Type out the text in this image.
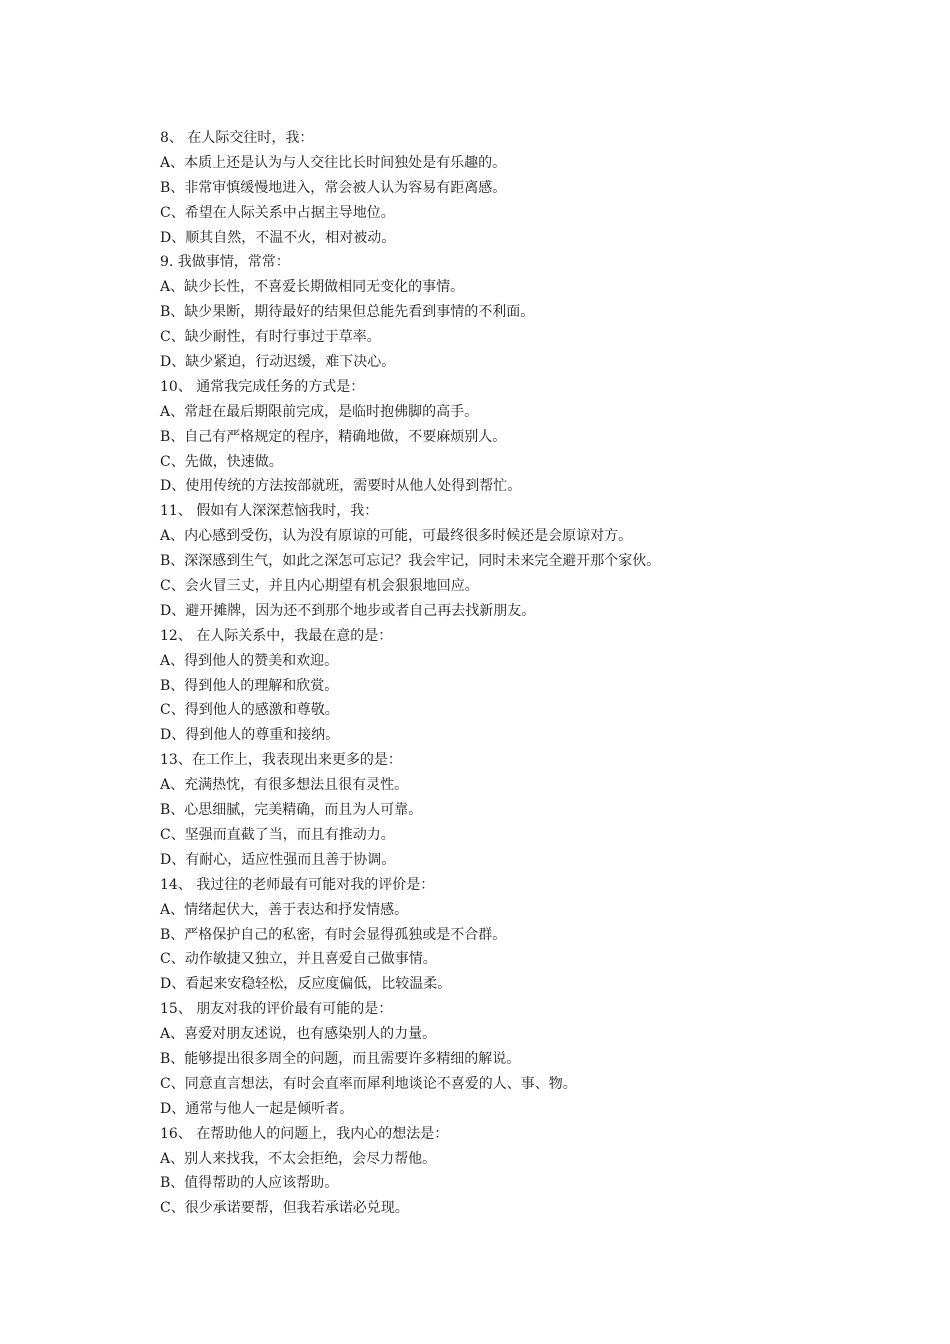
8、 在人际交往时，我：
A、本质上还是认为与人交往比长时间独处是有乐趣的。
B、非常审慎缓慢地进入，常会被人认为容易有距离感。
C、希望在人际关系中占据主导地位。
D、顺其自然，不温不火，相对被动。
9. 我做事情，常常：
A、缺少长性，不喜爱长期做相同无变化的事情。
B、缺少果断，期待最好的结果但总能先看到事情的不利面。
C、缺少耐性，有时行事过于草率。
D、缺少紧迫，行动迟缓，难下决心。
10、 通常我完成任务的方式是：
A、常赶在最后期限前完成，是临时抱佛脚的高手。
B、自己有严格规定的程序，精确地做，不要麻烦别人。
C、先做，快速做。
D、使用传统的方法按部就班，需要时从他人处得到帮忙。
11、 假如有人深深惹恼我时，我：
A、内心感到受伤，认为没有原谅的可能，可最终很多时候还是会原谅对方。
B、深深感到生气，如此之深怎可忘记？我会牢记，同时未来完全避开那个家伙。
C、会火冒三丈，并且内心期望有机会狠狠地回应。
D、避开摊牌，因为还不到那个地步或者自己再去找新朋友。
12、 在人际关系中，我最在意的是：
A、得到他人的赞美和欢迎。
B、得到他人的理解和欣赏。
C、得到他人的感激和尊敬。
D、得到他人的尊重和接纳。
13、在工作上，我表现出来更多的是：
A、充满热忱，有很多想法且很有灵性。
B、心思细腻，完美精确，而且为人可靠。
C、坚强而直截了当，而且有推动力。
D、有耐心，适应性强而且善于协调。
14、 我过往的老师最有可能对我的评价是：
A、情绪起伏大，善于表达和抒发情感。
B、严格保护自己的私密，有时会显得孤独或是不合群。
C、动作敏捷又独立，并且喜爱自己做事情。
D、看起来安稳轻松，反应度偏低，比较温柔。
15、 朋友对我的评价最有可能的是：
A、喜爱对朋友述说，也有感染别人的力量。
B、能够提出很多周全的问题，而且需要许多精细的解说。
C、同意直言想法，有时会直率而犀利地谈论不喜爱的人、事、物。
D、通常与他人一起是倾听者。
16、 在帮助他人的问题上，我内心的想法是：
A、别人来找我，不太会拒绝，会尽力帮他。
B、值得帮助的人应该帮助。
C、很少承诺要帮，但我若承诺必兑现。
